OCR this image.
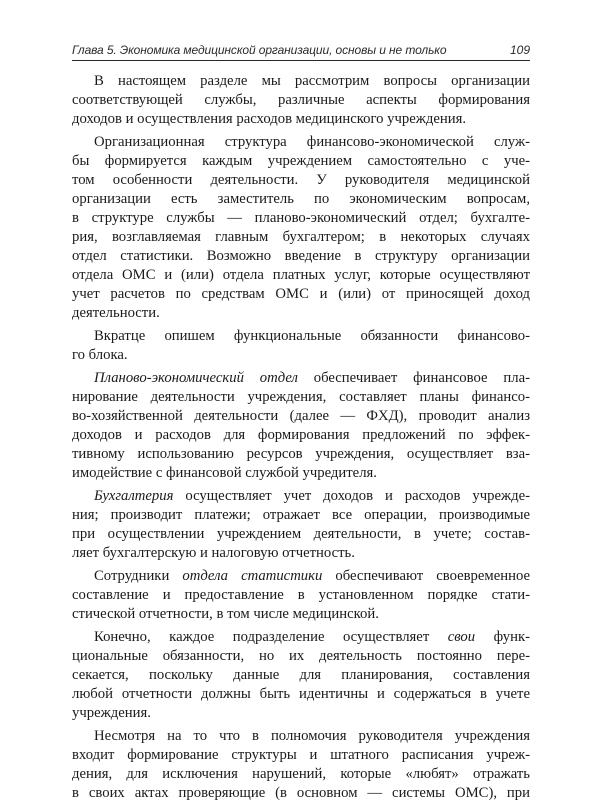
Глава 5. Экономика медицинской организации, основы и не только	109
В настоящем разделе мы рассмотрим вопросы организации
соответствующей службы, различные аспекты формирования
доходов и осуществления расходов медицинского учреждения.
Организационная структура финансово-экономической служ-
бы формируется каждым учреждением самостоятельно с уче-
том особенности деятельности. У руководителя медицинской
организации есть заместитель по экономическим вопросам,
в структуре службы — планово-экономический отдел; бухгалте-
рия, возглавляемая главным бухгалтером; в некоторых случаях
отдел статистики. Возможно введение в структуру организации
отдела ОМС и (или) отдела платных услуг, которые осуществляют
учет расчетов по средствам ОМС и (или) от приносящей доход
деятельности.
Вкратце опишем функциональные обязанности финансово-
го блока.
Планово-экономический отдел обеспечивает финансовое пла-
нирование деятельности учреждения, составляет планы финансо-
во-хозяйственной деятельности (далее — ФХД), проводит анализ
доходов и расходов для формирования предложений по эффек-
тивному использованию ресурсов учреждения, осуществляет вза-
имодействие с финансовой службой учредителя.
Бухгалтерия осуществляет учет доходов и расходов учрежде-
ния; производит платежи; отражает все операции, производимые
при осуществлении учреждением деятельности, в учете; состав-
ляет бухгалтерскую и налоговую отчетность.
Сотрудники отдела статистики обеспечивают своевременное
составление и предоставление в установленном порядке стати-
стической отчетности, в том числе медицинской.
Конечно, каждое подразделение осуществляет свои функ-
циональные обязанности, но их деятельность постоянно пере-
секается, поскольку данные для планирования, составления
любой отчетности должны быть идентичны и содержаться в учете
учреждения.
Несмотря на то что в полномочия руководителя учреждения
входит формирование структуры и штатного расписания учреж-
дения, для исключения нарушений, которые «любят» отражать
в своих актах проверяющие (в основном — системы ОМС), при
